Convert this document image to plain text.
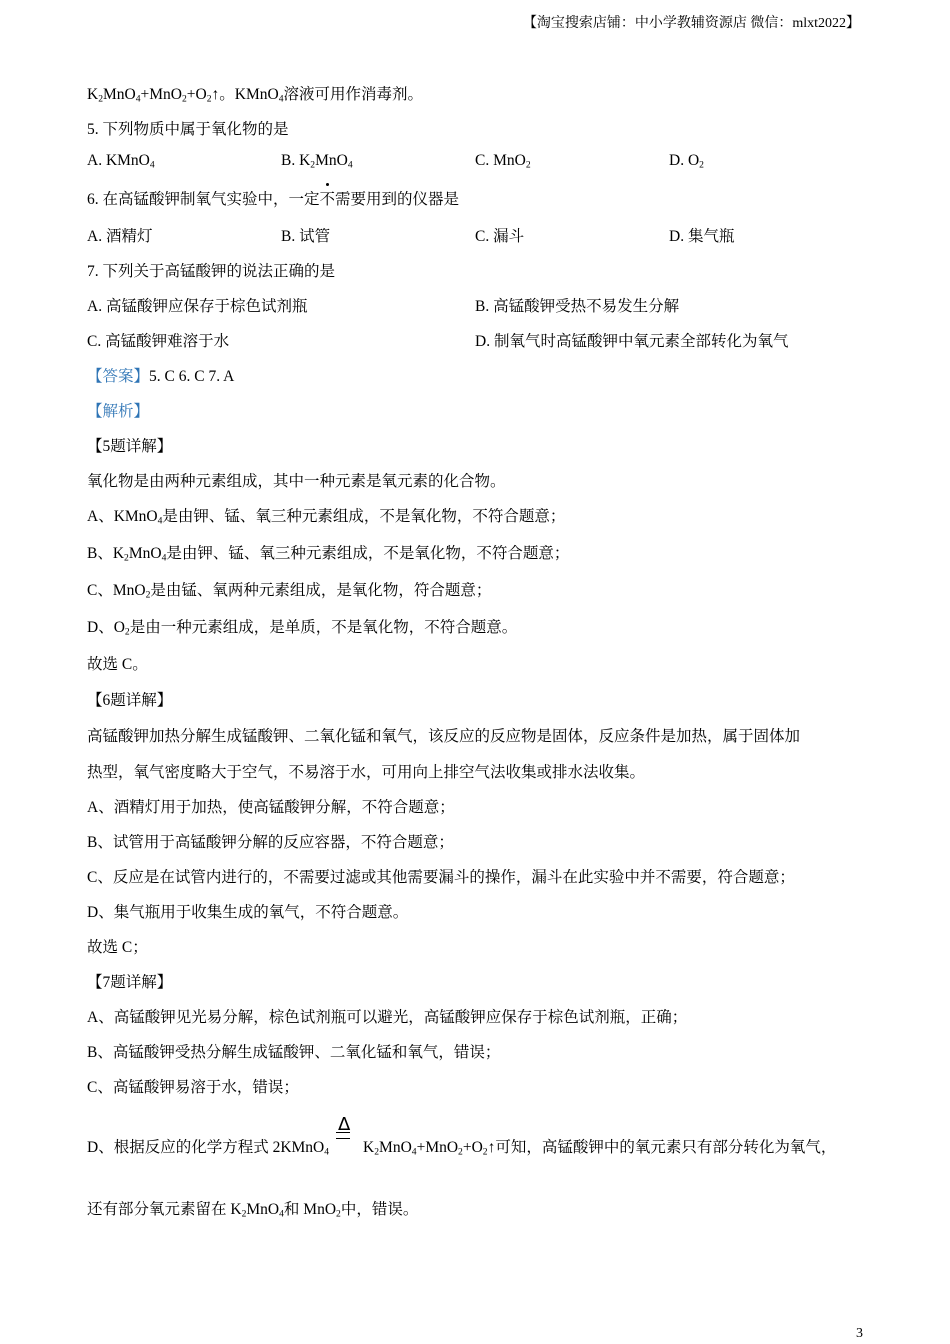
【淘宝搜索店铺：中小学教辅资源店 微信：mlxt2022】
$K_2MnO_4+MnO_2+O_2↑$。KMnO$_4$溶液可用作消毒剂。
5. 下列物质中属于氧化物的是
A. KMnO$_4$	B. $K_2MnO_4$	C. MnO$_2$	D. $O_2$
6. 在高锰酸钾制氧气实验中，一定不需要用到的仪器是
A. 酒精灯	B. 试管	C. 漏斗	D. 集气瓶
7. 下列关于高锰酸钾的说法正确的是
A. 高锰酸钾应保存于棕色试剂瓶	B. 高锰酸钾受热不易发生分解
C. 高锰酸钾难溶于水	D. 制氧气时高锰酸钾中氧元素全部转化为氧气
【答案】5. C 6. C 7. A
【解析】
【5题详解】
氧化物是由两种元素组成，其中一种元素是氧元素的化合物。
A、KMnO$_4$是由钾、锰、氧三种元素组成，不是氧化物，不符合题意；
B、$K_2MnO_4$是由钾、锰、氧三种元素组成，不是氧化物，不符合题意；
C、MnO$_2$是由锰、氧两种元素组成，是氧化物，符合题意；
D、$O_2$是由一种元素组成，是单质，不是氧化物，不符合题意。
故选 C。
【6题详解】
高锰酸钾加热分解生成锰酸钾、二氧化锰和氧气，该反应的反应物是固体，反应条件是加热，属于固体加
热型，氧气密度略大于空气，不易溶于水，可用向上排空气法收集或排水法收集。
A、酒精灯用于加热，使高锰酸钾分解，不符合题意；
B、试管用于高锰酸钾分解的反应容器，不符合题意；
C、反应是在试管内进行的，不需要过滤或其他需要漏斗的操作，漏斗在此实验中并不需要，符合题意；
D、集气瓶用于收集生成的氧气，不符合题意。
故选 C；
【7题详解】
A、高锰酸钾见光易分解，棕色试剂瓶可以避光，高锰酸钾应保存于棕色试剂瓶，正确；
B、高锰酸钾受热分解生成锰酸钾、二氧化锰和氧气，错误；
C、高锰酸钾易溶于水，错误；
D、根据反应的化学方程式 2KMnO$_4$
Δ
$K_2MnO_4+MnO_2+O_2↑$可知，高锰酸钾中的氧元素只有部分转化为氧气，
还有部分氧元素留在 $K_2MnO_4$和 MnO$_2$中，错误。
3
